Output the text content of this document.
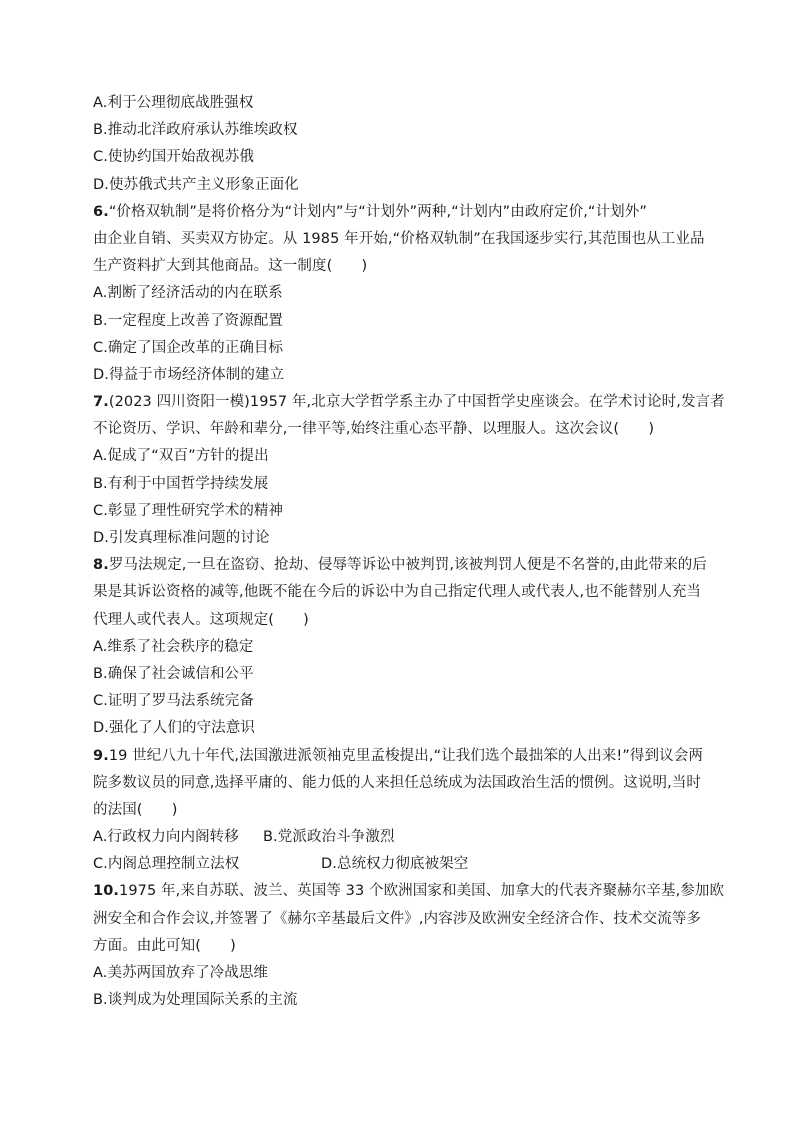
A.利于公理彻底战胜强权
B.推动北洋政府承认苏维埃政权
C.使协约国开始敌视苏俄
D.使苏俄式共产主义形象正面化
6.“价格双轨制”是将价格分为“计划内”与“计划外”两种,“计划内”由政府定价,“计划外”
由企业自销、买卖双方协定。从 1985 年开始,“价格双轨制”在我国逐步实行,其范围也从工业品
生产资料扩大到其他商品。这一制度(　　)
A.割断了经济活动的内在联系
B.一定程度上改善了资源配置
C.确定了国企改革的正确目标
D.得益于市场经济体制的建立
7.(2023 四川资阳一模)1957 年,北京大学哲学系主办了中国哲学史座谈会。在学术讨论时,发言者
不论资历、学识、年龄和辈分,一律平等,始终注重心态平静、以理服人。这次会议(　　)
A.促成了“双百”方针的提出
B.有利于中国哲学持续发展
C.彰显了理性研究学术的精神
D.引发真理标准问题的讨论
8.罗马法规定,一旦在盗窃、抢劫、侵辱等诉讼中被判罚,该被判罚人便是不名誉的,由此带来的后
果是其诉讼资格的减等,他既不能在今后的诉讼中为自己指定代理人或代表人,也不能替别人充当
代理人或代表人。这项规定(　　)
A.维系了社会秩序的稳定
B.确保了社会诚信和公平
C.证明了罗马法系统完备
D.强化了人们的守法意识
9.19 世纪八九十年代,法国激进派领袖克里孟梭提出,“让我们选个最拙笨的人出来!”得到议会两
院多数议员的同意,选择平庸的、能力低的人来担任总统成为法国政治生活的惯例。这说明,当时
的法国(　　)
A.行政权力向内阁转移	B.党派政治斗争激烈
C.内阁总理控制立法权	D.总统权力彻底被架空
10.1975 年,来自苏联、波兰、英国等 33 个欧洲国家和美国、加拿大的代表齐聚赫尔辛基,参加欧
洲安全和合作会议,并签署了《赫尔辛基最后文件》,内容涉及欧洲安全经济合作、技术交流等多
方面。由此可知(　　)
A.美苏两国放弃了冷战思维
B.谈判成为处理国际关系的主流
